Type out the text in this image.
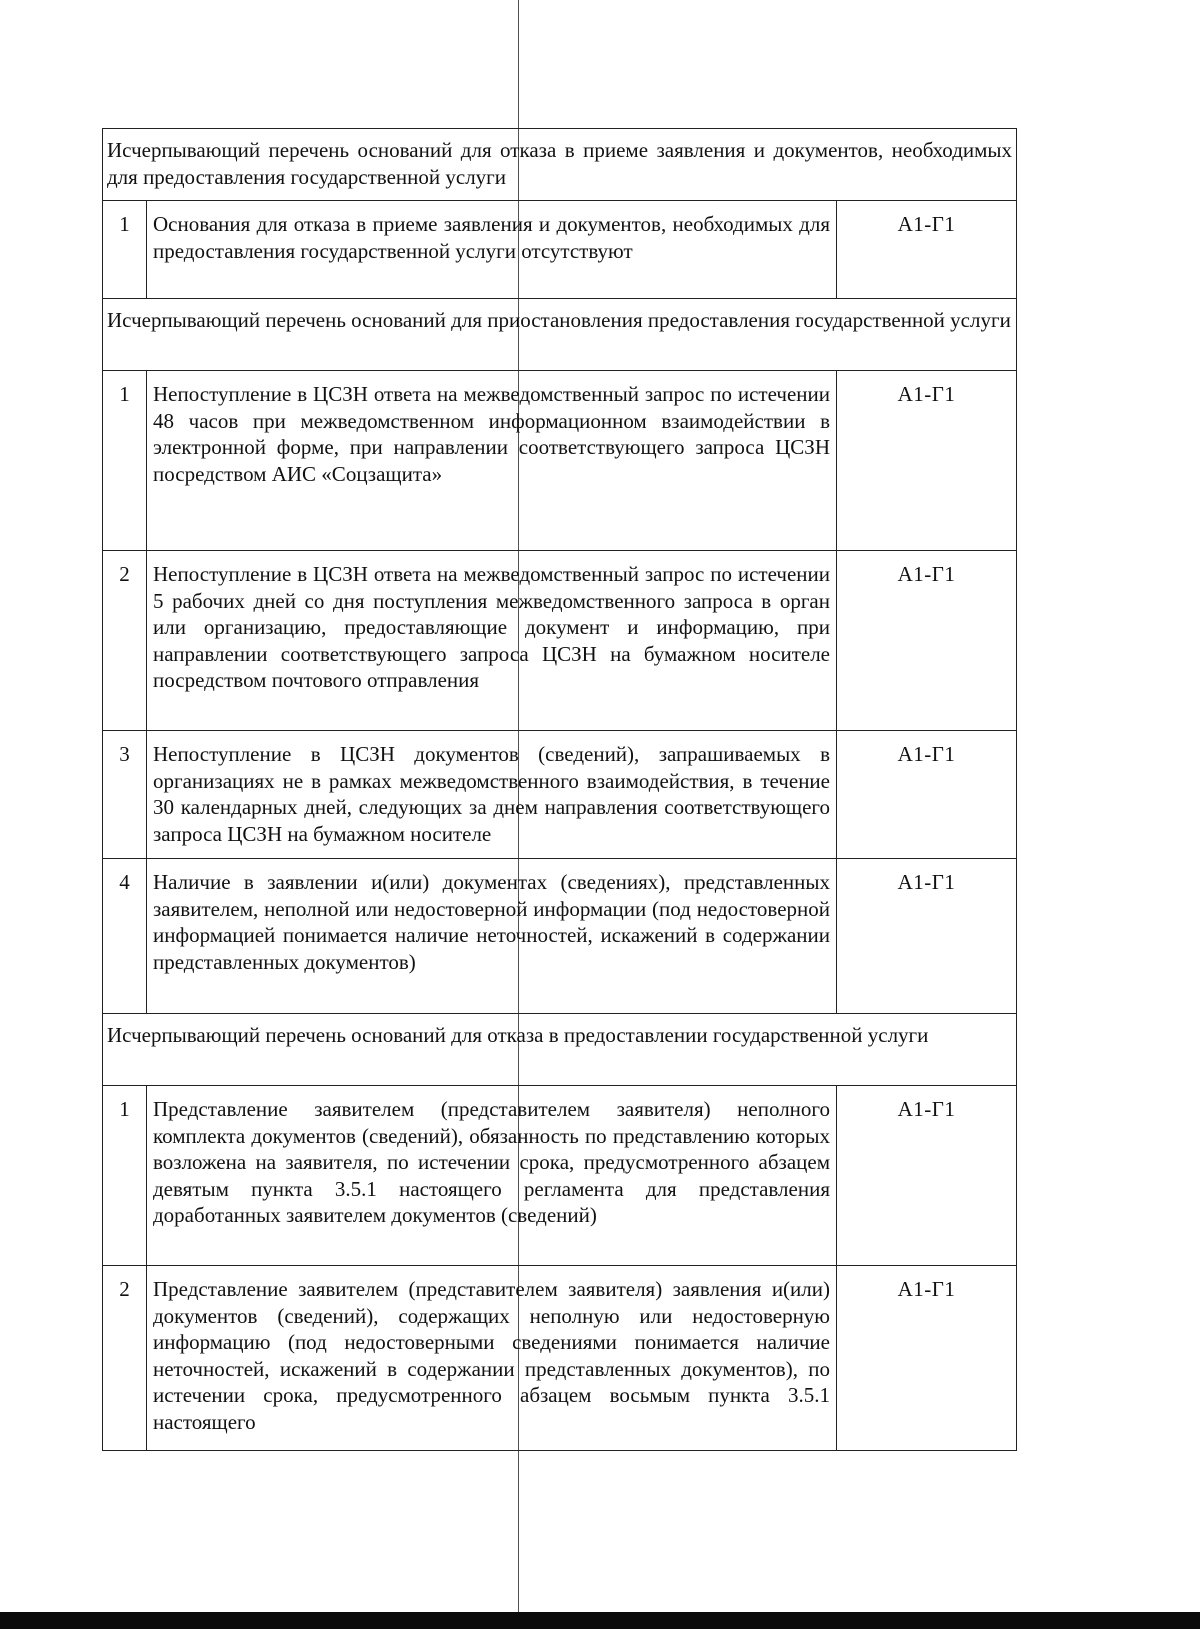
Исчерпывающий перечень оснований для отказа в приеме заявления и документов, необходимых для предоставления государственной услуги		
1	Основания для отказа в приеме заявления и документов, необходимых для предоставления государственной услуги отсутствуют	А1-Г1
Исчерпывающий перечень оснований для приостановления предоставления государственной услуги		
1	Непоступление в ЦСЗН ответа на межведомственный запрос по истечении 48 часов при межведомственном информационном взаимодействии в электронной форме, при направлении соответствующего запроса ЦСЗН посредством АИС «Соцзащита»	А1-Г1
2	Непоступление в ЦСЗН ответа на межведомственный запрос по истечении 5 рабочих дней со дня поступления межведомственного запроса в орган или организацию, предоставляющие документ и информацию, при направлении соответствующего запроса ЦСЗН на бумажном носителе посредством почтового отправления	А1-Г1
3	Непоступление в ЦСЗН документов (сведений), запрашиваемых в организациях не в рамках межведомственного взаимодействия, в течение 30 календарных дней, следующих за днем направления соответствующего запроса ЦСЗН на бумажном носителе	А1-Г1
4	Наличие в заявлении и(или) документах (сведениях), представленных заявителем, неполной или недостоверной информации (под недостоверной информацией понимается наличие неточностей, искажений в содержании представленных документов)	А1-Г1
Исчерпывающий перечень оснований для отказа в предоставлении государственной услуги		
1	Представление заявителем (представителем заявителя) неполного комплекта документов (сведений), обязанность по представлению которых возложена на заявителя, по истечении срока, предусмотренного абзацем девятым пункта 3.5.1 настоящего регламента для представления доработанных заявителем документов (сведений)	А1-Г1
2	Представление заявителем (представителем заявителя) заявления и(или) документов (сведений), содержащих неполную или недостоверную информацию (под недостоверными сведениями понимается наличие неточностей, искажений в содержании представленных документов), по истечении срока, предусмотренного абзацем восьмым пункта 3.5.1 настоящего	А1-Г1
